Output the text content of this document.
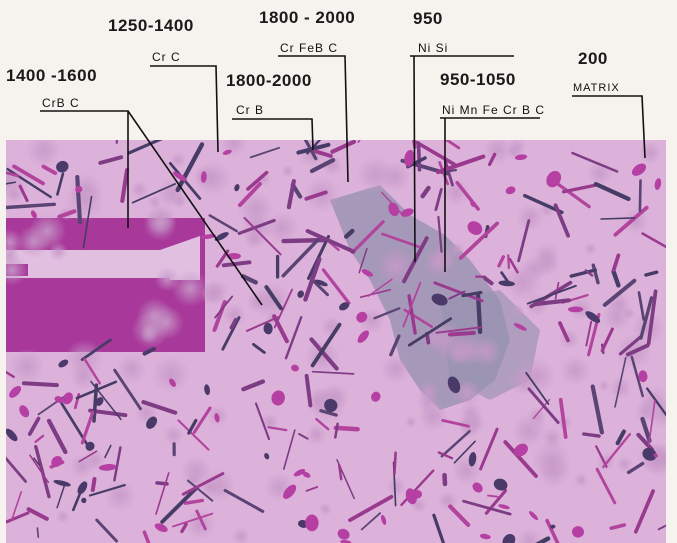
1400 -1600
1250-1400
1800-2000
1800 - 2000	950
950-1050
200
CrB C
Cr C
Cr B
Cr FeB C	Ni Si
Ni Mn Fe Cr B C
MATRIX
